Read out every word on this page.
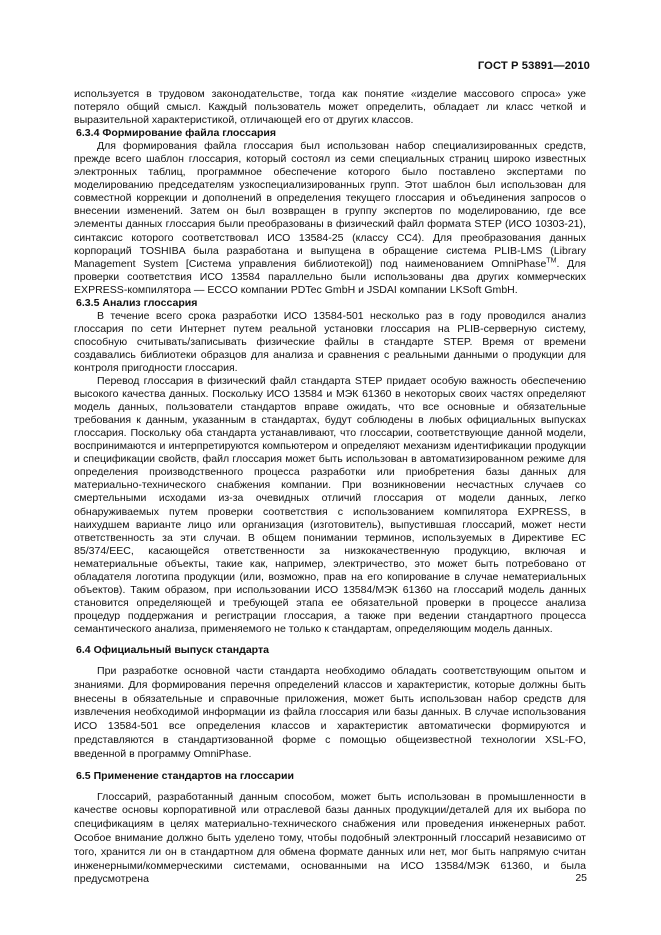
ГОСТ Р 53891—2010

используется в трудовом законодательстве, тогда как понятие «изделие массового спроса» уже потеряло общий смысл. Каждый пользователь может определить, обладает ли класс четкой и выразительной характеристикой, отличающей его от других классов.

6.3.4 Формирование файла глоссария

Для формирования файла глоссария был использован набор специализированных средств, прежде всего шаблон глоссария, который состоял из семи специальных страниц широко известных электронных таблиц, программное обеспечение которого было поставлено экспертами по моделированию председателям узкоспециализированных групп. Этот шаблон был использован для совместной коррекции и дополнений в определения текущего глоссария и объединения запросов о внесении изменений. Затем он был возвращен в группу экспертов по моделированию, где все элементы данных глоссария были преобразованы в физический файл формата STEP (ИСО 10303-21), синтаксис которого соответствовал ИСО 13584-25 (классу CC4). Для преобразования данных корпораций TOSHIBA была разработана и выпущена в обращение система PLIB-LMS (Library Management System [Система управления библиотекой]) под наименованием OmniPhase™. Для проверки соответствия ИСО 13584 параллельно были использованы два других коммерческих EXPRESS-компилятора — ECCO компании PDTec GmbH и JSDAI компании LKSoft GmbH.

6.3.5 Анализ глоссария

В течение всего срока разработки ИСО 13584-501 несколько раз в году проводился анализ глоссария по сети Интернет путем реальной установки глоссария на PLIB-серверную систему, способную считывать/записывать физические файлы в стандарте STEP. Время от времени создавались библиотеки образцов для анализа и сравнения с реальными данными о продукции для контроля пригодности глоссария.

Перевод глоссария в физический файл стандарта STEP придает особую важность обеспечению высокого качества данных. Поскольку ИСО 13584 и МЭК 61360 в некоторых своих частях определяют модель данных, пользователи стандартов вправе ожидать, что все основные и обязательные требования к данным, указанным в стандартах, будут соблюдены в любых официальных выпусках глоссария. Поскольку оба стандарта устанавливают, что глоссарии, соответствующие данной модели, воспринимаются и интерпретируются компьютером и определяют механизм идентификации продукции и спецификации свойств, файл глоссария может быть использован в автоматизированном режиме для определения производственного процесса разработки или приобретения базы данных для материально-технического снабжения компании. При возникновении несчастных случаев со смертельными исходами из-за очевидных отличий глоссария от модели данных, легко обнаруживаемых путем проверки соответствия с использованием компилятора EXPRESS, в наихудшем варианте лицо или организация (изготовитель), выпустившая глоссарий, может нести ответственность за эти случаи. В общем понимании терминов, используемых в Директиве EC 85/374/EEC, касающейся ответственности за низкокачественную продукцию, включая и нематериальные объекты, такие как, например, электричество, это может быть потребовано от обладателя логотипа продукции (или, возможно, прав на его копирование в случае нематериальных объектов). Таким образом, при использовании ИСО 13584/МЭК 61360 на глоссарий модель данных становится определяющей и требующей этапа ее обязательной проверки в процессе анализа процедур поддержания и регистрации глоссария, а также при ведении стандартного процесса семантического анализа, применяемого не только к стандартам, определяющим модель данных.

6.4 Официальный выпуск стандарта

При разработке основной части стандарта необходимо обладать соответствующим опытом и знаниями. Для формирования перечня определений классов и характеристик, которые должны быть внесены в обязательные и справочные приложения, может быть использован набор средств для извлечения необходимой информации из файла глоссария или базы данных. В случае использования ИСО 13584-501 все определения классов и характеристик автоматически формируются и представляются в стандартизованной форме с помощью общеизвестной технологии XSL-FO, введенной в программу OmniPhase.

6.5 Применение стандартов на глоссарии

Глоссарий, разработанный данным способом, может быть использован в промышленности в качестве основы корпоративной или отраслевой базы данных продукции/деталей для их выбора по спецификациям в целях материально-технического снабжения или проведения инженерных работ. Особое внимание должно быть уделено тому, чтобы подобный электронный глоссарий независимо от того, хранится ли он в стандартном для обмена формате данных или нет, мог быть напрямую считан инженерными/коммерческими системами, основанными на ИСО 13584/МЭК 61360, и была предусмотрена	25
